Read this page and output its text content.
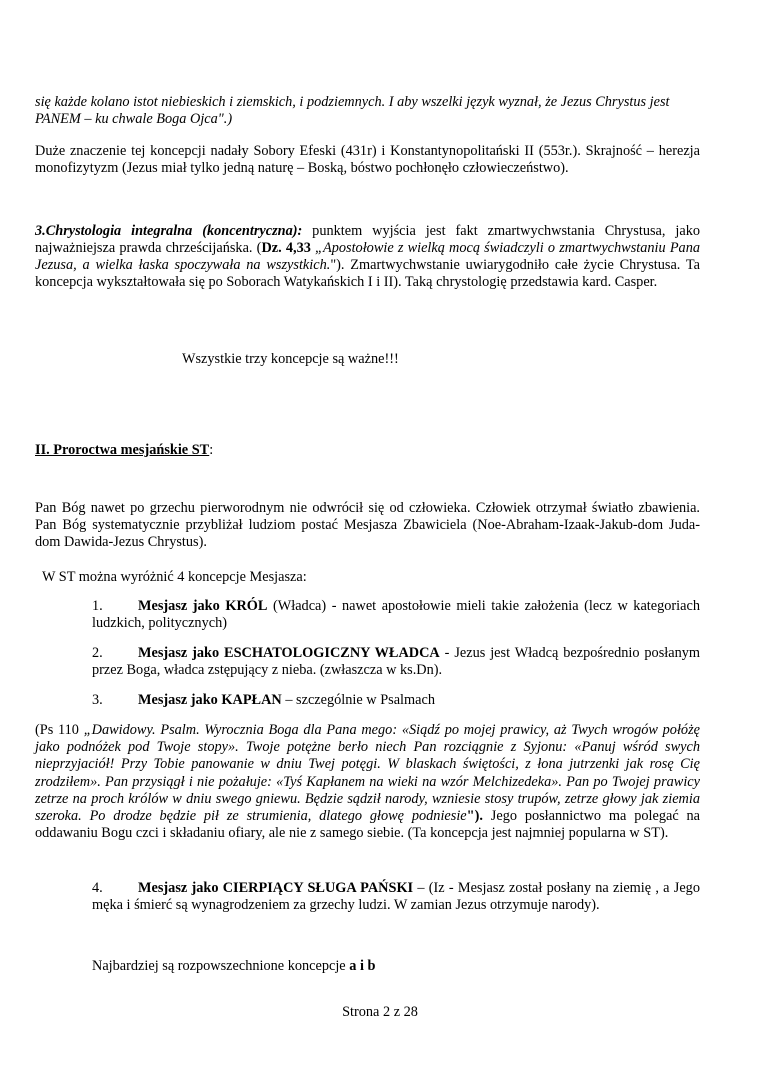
się każde kolano istot niebieskich i ziemskich, i podziemnych. I aby wszelki język wyznał, że Jezus Chrystus jest

PANEM – ku chwale Boga Ojca".)

Duże znaczenie tej koncepcji nadały Sobory Efeski (431r) i Konstantynopolitański II (553r.). Skrajność – herezja monofizytyzm (Jezus miał tylko jedną naturę – Boską, bóstwo pochłonęło człowieczeństwo).

3.Chrystologia integralna (koncentryczna): punktem wyjścia jest fakt zmartwychwstania Chrystusa, jako najważniejsza prawda chrześcijańska. (Dz. 4,33 „Apostołowie z wielką mocą świadczyli o zmartwychwstaniu Pana Jezusa, a wielka łaska spoczywała na wszystkich."). Zmartwychwstanie uwiarygodniło całe życie Chrystusa. Ta koncepcja wykształtowała się po Soborach Watykańskich I i II). Taką chrystologię przedstawia kard. Casper.

Wszystkie trzy koncepcje są ważne!!!

II. Proroctwa mesjańskie ST:

Pan Bóg nawet po grzechu pierworodnym nie odwrócił się od człowieka. Człowiek otrzymał światło zbawienia. Pan Bóg systematycznie przybliżał ludziom postać Mesjasza Zbawiciela (Noe-Abraham-Izaak-Jakub-dom Juda-dom Dawida-Jezus Chrystus).

W ST można wyróżnić 4 koncepcje Mesjasza:

1. Mesjasz jako KRÓL (Władca) - nawet apostołowie mieli takie założenia (lecz w kategoriach ludzkich, politycznych)

2. Mesjasz jako ESCHATOLOGICZNY WŁADCA - Jezus jest Władcą bezpośrednio posłanym przez Boga, władca zstępujący z nieba. (zwłaszcza w ks.Dn).

3. Mesjasz jako KAPŁAN – szczególnie w Psalmach

(Ps 110 „Dawidowy. Psalm. Wyrocznia Boga dla Pana mego: «Siądź po mojej prawicy, aż Twych wrogów połóżę jako podnóżek pod Twoje stopy». Twoje potężne berło niech Pan rozciągnie z Syjonu: «Panuj wśród swych nieprzyjaciół! Przy Tobie panowanie w dniu Twej potęgi. W blaskach świętości, z łona jutrzenki jak rosę Cię zrodziłem». Pan przysiągł i nie pożałuje: «Tyś Kapłanem na wieki na wzór Melchizedeka». Pan po Twojej prawicy zetrze na proch królów w dniu swego gniewu. Będzie sądził narody, wzniesie stosy trupów, zetrze głowy jak ziemia szeroka. Po drodze będzie pił ze strumienia, dlatego głowę podniesie"). Jego posłannictwo ma polegać na oddawaniu Bogu czci i składaniu ofiary, ale nie z samego siebie. (Ta koncepcja jest najmniej popularna w ST).

4. Mesjasz jako CIERPIĄCY SŁUGA PAŃSKI – (Iz - Mesjasz został posłany na ziemię , a Jego męka i śmierć są wynagrodzeniem za grzechy ludzi. W zamian Jezus otrzymuje narody).

Najbardziej są rozpowszechnione koncepcje a i b

Strona 2 z 28
